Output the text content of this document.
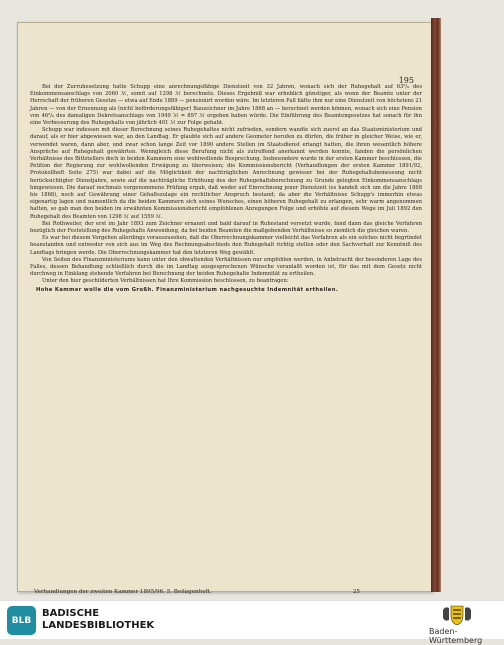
195

Bei der Zurruhesetzung hatte Schupp eine anrechnungsfähige Dienstzeit von 32 Jahren, wonach sich der Ruhegehalt auf 63⁰/₀ des Einkommensanschlags von 2060 ℳ, somit auf 1298 ℳ berechnete. Dieses Ergebniß war erheblich günstiger, als wenn der Beamte unter der Herrschaft der früheren Gesetze — etwa auf Ende 1889 — pensionirt worden wäre. Im letzteren Fall hätte ihm nur eine Dienstzeit von höchstens 21 Jahren — von der Ernennung als (nicht beförderungsfähiger) Bauzeichner im Jahre 1868 an — berechnet werden können, wonach sich eine Pension von 46⁰/₀ des damaligen Dekretsanschlags von 1949 ℳ = 897 ℳ ergeben haben würde. Die Einführung des Beamtengesetzes hat sonach für ihn eine Verbesserung des Ruhegehalts von jährlich 401 ℳ zur Folge gehabt.

Schupp war indessen mit dieser Berechnung seines Ruhegehaltes nicht zufrieden, sondern wandte sich zuerst an das Staatsministerium und darauf, als er hier abgewiesen war, an den Landtag. Er glaubte sich auf andere Geometer berufen zu dürfen, die früher in gleicher Weise, wie er, verwendet waren, dann aber, und zwar schon lange Zeit vor 1890 andere Stellen im Staatsdienst erlangt hatten, die ihren wesentlich höhere Ansprüche auf Ruhegehalt gewährten. Wenngleich diese Berufung nicht als zutreffend anerkannt werden konnte, fanden die persönlichen Verhältnisse des Bittstellers doch in beiden Kammern eine wohlwollende Besprechung. Insbesondere wurde in der ersten Kammer beschlossen, die Petition der Regierung zur wohlwollenden Erwägung zu überweisen; die Kommissionsbericht (Verhandlungen der ersten Kammer 1891/92, Protokollheft Seite 275) war dabei auf die Möglichkeit der nachträglichen Anrechnung gewisser bei der Ruhegehaltsbemessung nicht berücksichtigter Dienstjahre, sowie auf die nachträgliche Erhöhung des der Ruhegehaltsberechnung zu Grunde gelegten Einkommensanschlags hingewiesen. Die darauf nochmals vorgenommene Prüfung ergab, daß weder auf Einrechnung jener Dienstzeit (es handelt sich um die Jahre 1868 bis 1868), noch auf Gewährung einer Gehaltszulage ein rechtlicher Anspruch bestand; da aber die Verhältnisse Schupp's immerhin etwas eigenartig lagen und namentlich da die beiden Kammern sich seines Wunsches, einen höheren Ruhegehalt zu erlangen, sehr warm angenommen hatten, so gab man den beiden im erwähnten Kommissionsbericht empfohlenen Anregungen Folge und erhöhte auf diesem Wege im Juli 1892 den Ruhegehalt des Beamten von 1298 ℳ auf 1559 ℳ.

Bei Rothweiler, der erst im Jahr 1893 zum Zeichner ernannt und bald darauf in Ruhestand versetzt wurde, fand dann das gleiche Verfahren bezüglich der Feststellung des Ruhegehalts Anwendung, da bei beiden Beamten die maßgebenden Verhältnisse so ziemlich die gleichen waren.

Es war bei diesem Vorgehen allerdings vorauszusehen, daß die Oberrechnungskammer vielleicht das Verfahren als ein solches nicht begründet beanstanden und entweder von sich aus im Weg des Rechnungsabschieds den Ruhegehalt richtig stellen oder den Sachverhalt zur Kenntniß des Landtags bringen werde. Die Oberrechnungskammer hat den letzteren Weg gewählt.

Von Seiten des Finanzministeriums kann unter den obwaltenden Verhältnissen nur empfohlen werden, in Anbetracht der besonderen Lage des Falles, dessen Behandlung schließlich durch die im Landtag ausgesprochenen Wünsche veranlaßt worden ist, für das mit dem Gesetz nicht durchweg in Einklang stehende Verfahren bei Berechnung der beiden Ruhegehalte Indemnität zu ertheilen.

Unter den hier geschilderten Verhältnissen hat Ihre Kommission beschlossen, zu beantragen:

Hohe Kammer wolle die vom Großh. Finanzministerium nachgesuchte Indemnität ertheilen.
Verhandlungen der zweiten Kammer 1895/96. 5. Beilagenheft.	25
BLB
BADISCHE
LANDESBIBLIOTHEK
Baden-Württemberg
